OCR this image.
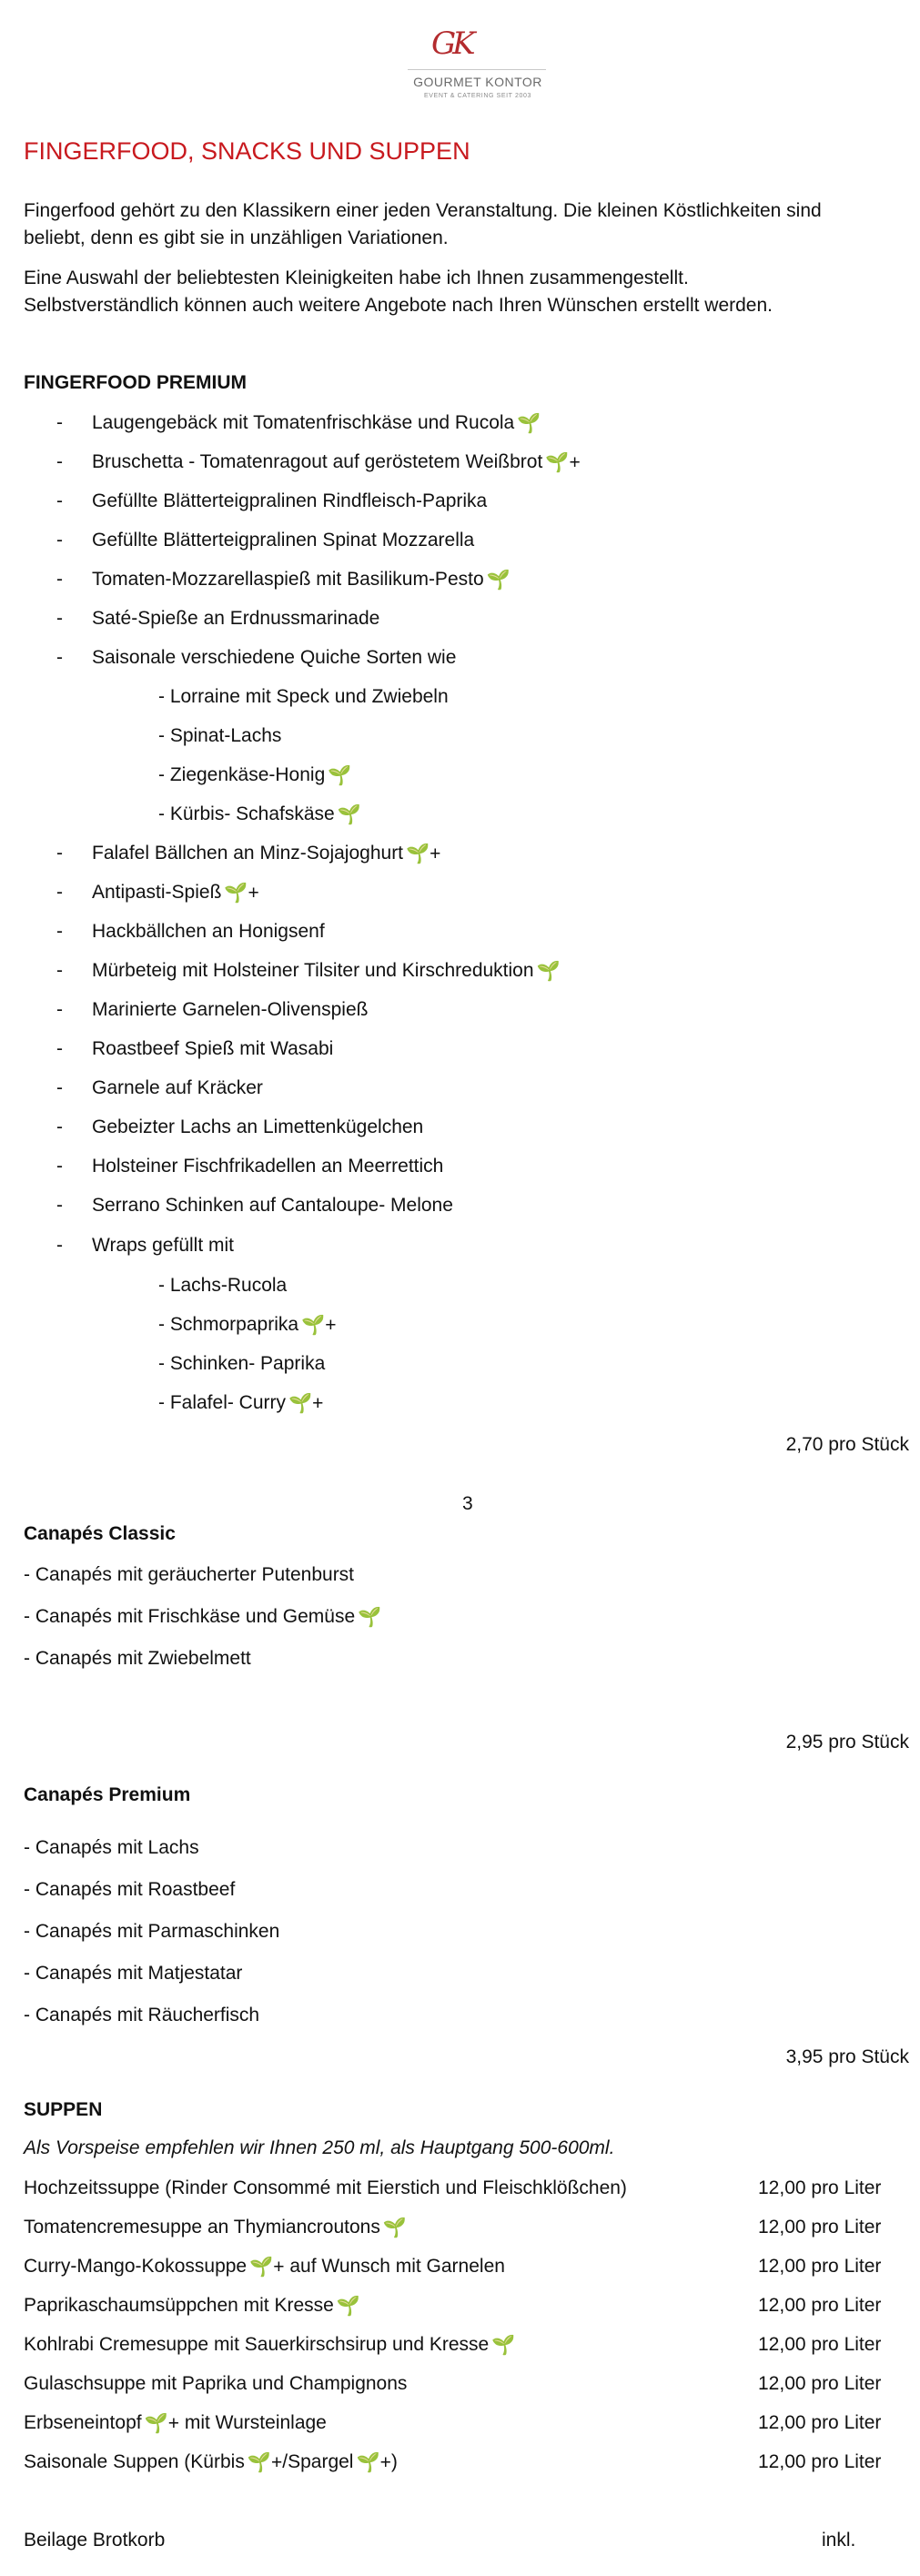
GK
GOURMET KONTOR
EVENT & CATERING SEIT 2003
FINGERFOOD, SNACKS UND SUPPEN
Fingerfood gehört zu den Klassikern einer jeden Veranstaltung. Die kleinen Köstlichkeiten sind
beliebt, denn es gibt sie in unzähligen Variationen.
Eine Auswahl der beliebtesten Kleinigkeiten habe ich Ihnen zusammengestellt.
Selbstverständlich können auch weitere Angebote nach Ihren Wünschen erstellt werden.
FINGERFOOD PREMIUM
- Laugengebäck mit Tomatenfrischkäse und Rucola 🌱
- Bruschetta - Tomatenragout auf geröstetem Weißbrot 🌱+
- Gefüllte Blätterteigpralinen Rindfleisch-Paprika
- Gefüllte Blätterteigpralinen Spinat Mozzarella
- Tomaten-Mozzarellaspieß mit Basilikum-Pesto 🌱
- Saté-Spieße an Erdnussmarinade
- Saisonale verschiedene Quiche Sorten wie
- Lorraine mit Speck und Zwiebeln
- Spinat-Lachs
- Ziegenkäse-Honig 🌱
- Kürbis- Schafskäse 🌱
- Falafel Bällchen an Minz-Sojajoghurt 🌱+
- Antipasti-Spieß 🌱+
- Hackbällchen an Honigsenf
- Mürbeteig mit Holsteiner Tilsiter und Kirschreduktion 🌱
- Marinierte Garnelen-Olivenspieß
- Roastbeef Spieß mit Wasabi
- Garnele auf Kräcker
- Gebeizter Lachs an Limettenkügelchen
- Holsteiner Fischfrikadellen an Meerrettich
- Serrano Schinken auf Cantaloupe- Melone
- Wraps gefüllt mit
- Lachs-Rucola
- Schmorpaprika 🌱+
- Schinken- Paprika
- Falafel- Curry 🌱+
2,70 pro Stück
3
Canapés Classic
- Canapés mit geräucherter Putenburst
- Canapés mit Frischkäse und Gemüse 🌱
- Canapés mit Zwiebelmett
2,95 pro Stück
Canapés Premium
- Canapés mit Lachs
- Canapés mit Roastbeef
- Canapés mit Parmaschinken
- Canapés mit Matjestatar
- Canapés mit Räucherfisch
3,95 pro Stück
SUPPEN
Als Vorspeise empfehlen wir Ihnen 250 ml, als Hauptgang 500-600ml.
Hochzeitssuppe (Rinder Consommé mit Eierstich und Fleischklößchen)	12,00 pro Liter
Tomatencremesuppe an Thymiancroutons 🌱	12,00 pro Liter
Curry-Mango-Kokossuppe 🌱+ auf Wunsch mit Garnelen	12,00 pro Liter
Paprikaschaumsüppchen mit Kresse 🌱	12,00 pro Liter
Kohlrabi Cremesuppe mit Sauerkirschsirup und Kresse 🌱	12,00 pro Liter
Gulaschsuppe mit Paprika und Champignons	12,00 pro Liter
Erbseneintopf 🌱+ mit Wursteinlage	12,00 pro Liter
Saisonale Suppen (Kürbis 🌱+/Spargel 🌱+)	12,00 pro Liter
Beilage Brotkorb	inkl.
